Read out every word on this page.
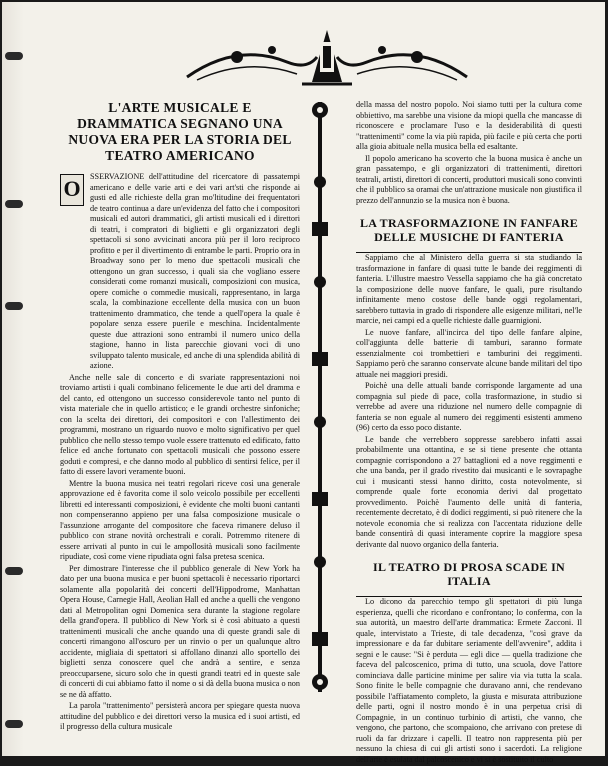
L'ARTE MUSICALE E DRAMMATICA SEGNANO UNA NUOVA ERA PER LA STORIA DEL TEATRO AMERICANO
O	SSERVAZIONE dell'attitudine del ricercatore di passatempi americano e delle varie arti e dei vari art'sti che risponde ai gusti ed alle richieste della gran mo'ltitudine dei frequentatori de teatro continua a dare un'evidenza del fatto che i compositori musicali ed autori drammatici, gli artisti musicali ed i direttori di teatri, i compratori di biglietti e gli organizzatori degli spettacoli si sono avvicinati ancora più per il loro reciproco profitto e per il divertimento di entrambe le parti. Proprio ora in Broadway sono per lo meno due spettacoli musicali che ottengono un gran successo, i quali sia che vogliano essere considerati come romanzi musicali, composizioni con musica, opere comiche o commedie musicali, rappresentano, in larga scala, la combinazione eccellente della musica con un buon trattenimento drammatico, che tende a quell'opera la quale è popolare senza essere puerile e meschina. Incidentalmente queste due attrazioni sono entrambi il numero unico della stagione, hanno in lista parecchie giovani voci di uno sviluppato talento musicale, ed anche di una splendida abilità di azione.

Anche nelle sale di concerto e di svariate rappresentazioni noi troviamo artisti i quali combinano felicemente le due arti del dramma e del canto, ed ottengono un successo considerevole tanto nel punto di vista materiale che in quello artistico; e le grandi orchestre sinfoniche; con la scelta dei direttori, dei compositori e con l'allestimento dei programmi, mostrano un riguardo nuovo e molto significativo per quel pubblico che nello stesso tempo vuole essere trattenuto ed edificato, fatto felice ed anche fortunato con spettacoli musicali che possono essere goduti e compresi, e che danno modo al pubblico di sentirsi felice, per il fatto di essere lavori veramente buoni.

Mentre la buona musica nei teatri regolari riceve così una generale approvazione ed è favorita come il solo veicolo possibile per eccellenti libretti ed interessanti composizioni, è evidente che molti buoni cantanti non compenseranno appieno per una falsa composizione musicale o l'assunzione arrogante del compositore che faceva rimanere deluso il pubblico con strane novità orchestrali e corali. Potremmo ritenere di essere arrivati al punto in cui le ampollosità musicali sono facilmente ripudiate, così come viene ripudiata ogni falsa pretesa scenica.

Per dimostrare l'interesse che il pubblico generale di New York ha dato per una buona musica e per buoni spettacoli è necessario riportarci solamente alla popolarità dei concerti dell'Hippodrome, Manhattan Opera House, Carnegie Hall, Aeolian Hall ed anche a quelli che vengono dati al Metropolitan ogni Domenica sera durante la stagione regolare della grand'opera. Il pubblico di New York si è così abituato a questi trattenimenti musicali che anche quando una di queste grandi sale di concerti rimangono all'oscuro per un rinvio o per un qualunque altro accidente, migliaia di spettatori si affollano dinanzi allo sportello dei biglietti senza conoscere quel che andrà a sentire, e senza preoccuparsene, sicuro solo che in questi grandi teatri ed in queste sale di concerti di cui abbiamo fatto il nome o si dà della buona musica o non se ne dà affatto.

La parola "trattenimento" persisterà ancora per spiegare questa nuova attitudine del pubblico e dei direttori verso la musica ed i suoi artisti, ed il progresso della cultura musicale

della massa del nostro popolo. Noi siamo tutti per la cultura come obbiettivo, ma sarebbe una visione da miopi quella che mancasse di riconoscere e proclamare l'uso e la desiderabilità di questi "trattenimenti" come la via più rapida, più facile e più certa che porti alla gioia abituale nella musica bella ed esaltante.

Il popolo americano ha scoverto che la buona musica è anche un gran passatempo, e gli organizzatori di trattenimenti, direttori teatrali, artisti, direttori di concerti, produttori musicali sono convinti che il pubblico sa oramai che un'attrazione musicale non giustifica il prezzo dell'annunzio se la musica non è buona.

LA TRASFORMAZIONE IN FANFARE DELLE MUSICHE DI FANTERIA

Sappiamo che al Ministero della guerra si sta studiando la trasformazione in fanfare di quasi tutte le bande dei reggimenti di fanteria. L'illustre maestro Vessella sappiamo che ha già concretato la composizione delle nuove fanfare, le quali, pure risultando infinitamente meno costose delle bande oggi regolamentari, sarebbero tuttavia in grado di rispondere alle esigenze militari, nel'le marcie, nei campi ed a quelle richieste dalle guarnigioni.

Le nuove fanfare, all'incirca del tipo delle fanfare alpine, coll'aggiunta delle batterie di tamburi, saranno formate essenzialmente coi trombettieri e tamburini dei reggimenti. Sappiamo però che saranno conservate alcune bande militari del tipo attuale nei maggiori presidi.

Poichè una delle attuali bande corrisponde largamente ad una compagnia sul piede di pace, colla trasformazione, in studio si verrebbe ad avere una riduzione nel numero delle compagnie di fanteria se non eguale al numero dei reggimenti esistenti ammeno (96) certo da esso poco distante.

Le bande che verrebbero soppresse sarebbero infatti assai probabilmente una ottantina, e se si tiene presente che ottanta compagnie corrispondono a 27 battaglioni ed a nove reggimenti e che una banda, per il grado rivestito dai musicanti e le sovrapaghe cui i musicanti stessi hanno diritto, costa notevolmente, si comprende quale forte economia derivi dal progettato provvedimento. Poichè l'aumento delle unità di fanteria, recentemente decretato, è di dodici reggimenti, si può ritenere che la notevole economia che si realizza con l'accentata riduzione delle bande consentirà di quasi interamente coprire la maggiore spesa derivante dal nuovo organico della fanteria.

IL TEATRO DI PROSA SCADE IN ITALIA

Lo dicono da parecchio tempo gli spettatori di più lunga esperienza, quelli che ricordano e confrontano; lo conferma, con la sua autorità, un maestro dell'arte drammatica: Ermete Zacconi. Il quale, intervistato a Trieste, di tale decadenza, "così grave da impressionare e da far dubitare seriamente dell'avvenire", addita i segni e le cause: "Si è perduta — egli dice — quella tradizione che faceva del palcoscenico, prima di tutto, una scuola, dove l'attore cominciava dalle particine minime per salire via via tutta la scala. Sono finite le belle compagnie che duravano anni, che rendevano possibile l'affiatamento completo, la giusta e misurata attribuzione delle parti, ogni il nostro mondo è in una perpetua crisi di Compagnie, in un continuo turbinio di artisti, che vanno, che vengono, che partono, che scompaiono, che arrivano con pretese di ruoli da far drizzare i capelli. Il teatro non rappresenta più per nessuno la chiesa di cui gli artisti sono i sacerdoti. La religione dell'arte è esulata dal palcoscenico e vi si è sostituito il culto
